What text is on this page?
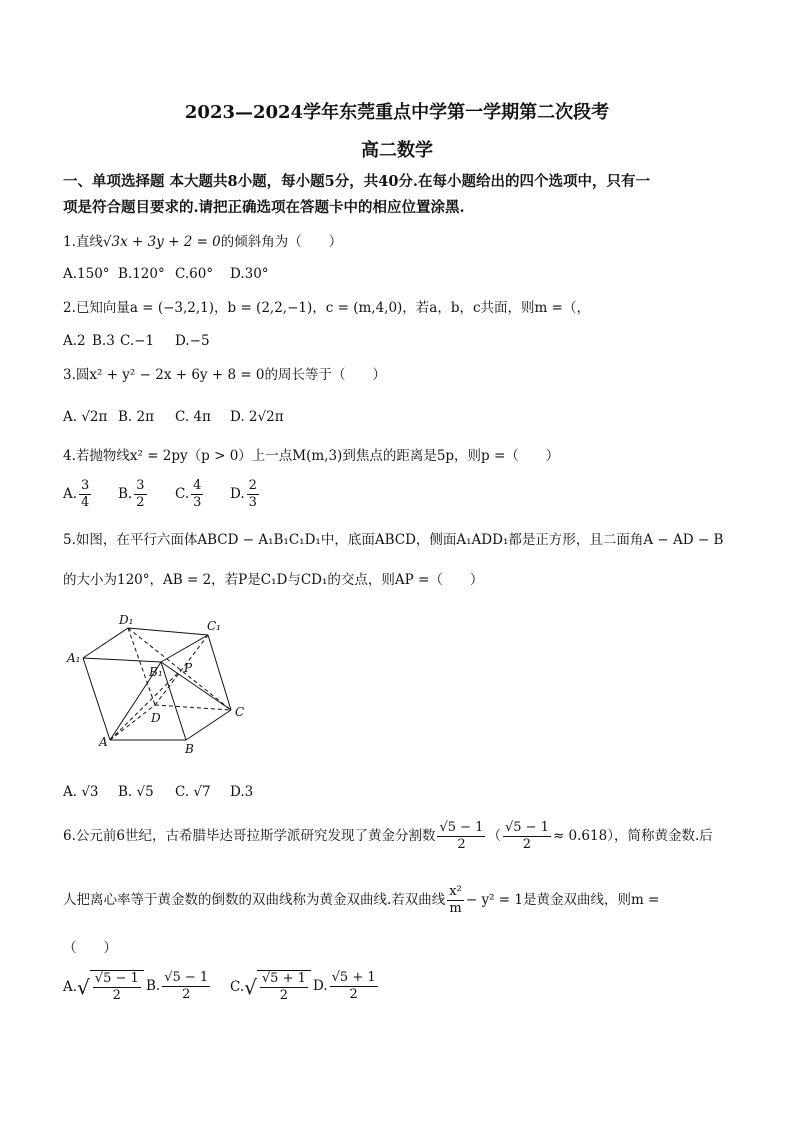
2023—2024学年东莞重点中学第一学期第二次段考
高二数学
一、单项选择题 本大题共8小题，每小题5分，共40分.在每小题给出的四个选项中，只有一
项是符合题目要求的.请把正确选项在答题卡中的相应位置涂黑.
1.直线√3x + 3y + 2 = 0的倾斜角为（　　）
A.150° B.120° C.60° D.30°
2.已知向量a = (−3,2,1)，b = (2,2,−1)，c = (m,4,0)，若a，b，c共面，则m =（，
A.2 B.3 C.−1 D.−5
3.圆x² + y² − 2x + 6y + 8 = 0的周长等于（　　）
A. √2π B. 2π C. 4π D. 2√2π
4.若抛物线x² = 2py（p > 0）上一点M(m,3)到焦点的距离是5p，则p =（　　）
A. $\frac{3}{4} B$. $\frac{3}{2} C$. $\frac{4}{3} D$. $\frac{2}{3}$
5.如图，在平行六面体ABCD − A₁B₁C₁D₁中，底面ABCD，侧面A₁ADD₁都是正方形，且二面角A − AD − B
的大小为120°，AB = 2，若P是C₁D与CD₁的交点，则AP =（　　）
D₁	C₁
A₁
B₁ P
D	C
A	B
A. √3 B. √5 C. √7 D.3
6.公元前6世纪，古希腊毕达哥拉斯学派研究发现了黄金分割数 $\frac{√5 - 1}{2}$ （ $\frac{√5 - 1}{2} \approx 0.618$），简称黄金数.后
人把离心率等于黄金数的倒数的双曲线称为黄金双曲线.若双曲线 $\frac{\text{x²}}{m} - y^2 = 1$是黄金双曲线，则m =
（　　）
$A.√ \frac{√5 - 1}{2} B$. $\frac{√5 - 1}{2} C.√ \frac{√5 + 1}{2} D$. $\frac{√5 + 1}{2}$
